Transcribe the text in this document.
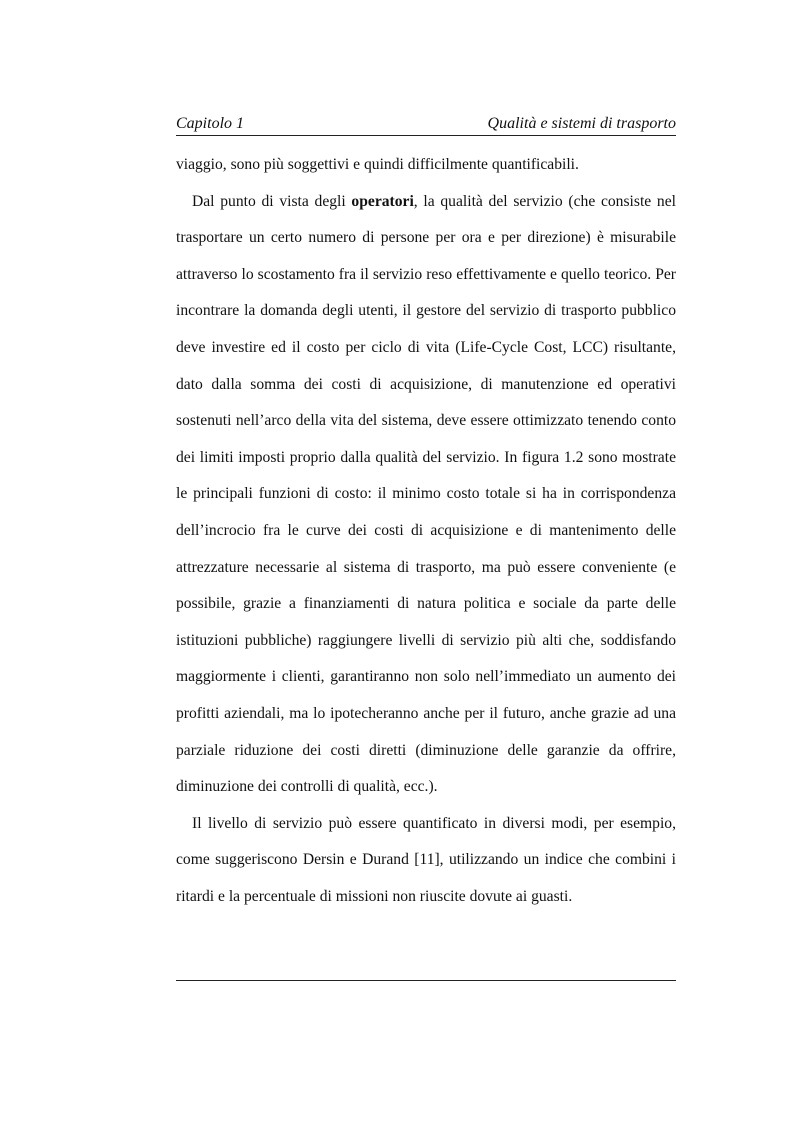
Capitolo 1	Qualità e sistemi di trasporto

viaggio, sono più soggettivi e quindi difficilmente quantificabili.

Dal punto di vista degli operatori, la qualità del servizio (che consiste nel trasportare un certo numero di persone per ora e per direzione) è misurabile attraverso lo scostamento fra il servizio reso effettivamente e quello teorico. Per incontrare la domanda degli utenti, il gestore del servizio di trasporto pubblico deve investire ed il costo per ciclo di vita (Life-Cycle Cost, LCC) risultante, dato dalla somma dei costi di acquisizione, di manutenzione ed operativi sostenuti nell’arco della vita del sistema, deve essere ottimizzato tenendo conto dei limiti imposti proprio dalla qualità del servizio. In figura 1.2 sono mostrate le principali funzioni di costo: il minimo costo totale si ha in corrispondenza dell’incrocio fra le curve dei costi di acquisizione e di mantenimento delle attrezzature necessarie al sistema di trasporto, ma può essere conveniente (e possibile, grazie a finanziamenti di natura politica e sociale da parte delle istituzioni pubbliche) raggiungere livelli di servizio più alti che, soddisfando maggiormente i clienti, garantiranno non solo nell’immediato un aumento dei profitti aziendali, ma lo ipotecheranno anche per il futuro, anche grazie ad una parziale riduzione dei costi diretti (diminuzione delle garanzie da offrire, diminuzione dei controlli di qualità, ecc.).

Il livello di servizio può essere quantificato in diversi modi, per esempio, come suggeriscono Dersin e Durand [11], utilizzando un indice che combini i ritardi e la percentuale di missioni non riuscite dovute ai guasti.
